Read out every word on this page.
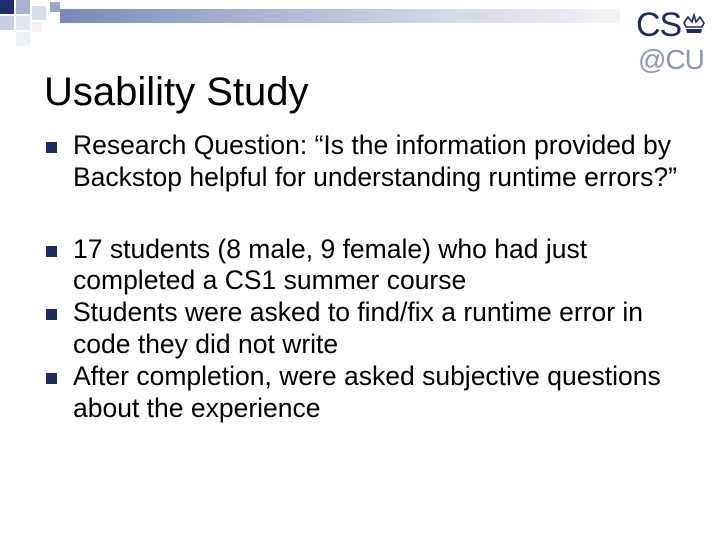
CS
@CU
Usability Study
Research Question: “Is the information provided by Backstop helpful for understanding runtime errors?”
17 students (8 male, 9 female) who had just completed a CS1 summer course
Students were asked to find/fix a runtime error in code they did not write
After completion, were asked subjective questions about the experience
